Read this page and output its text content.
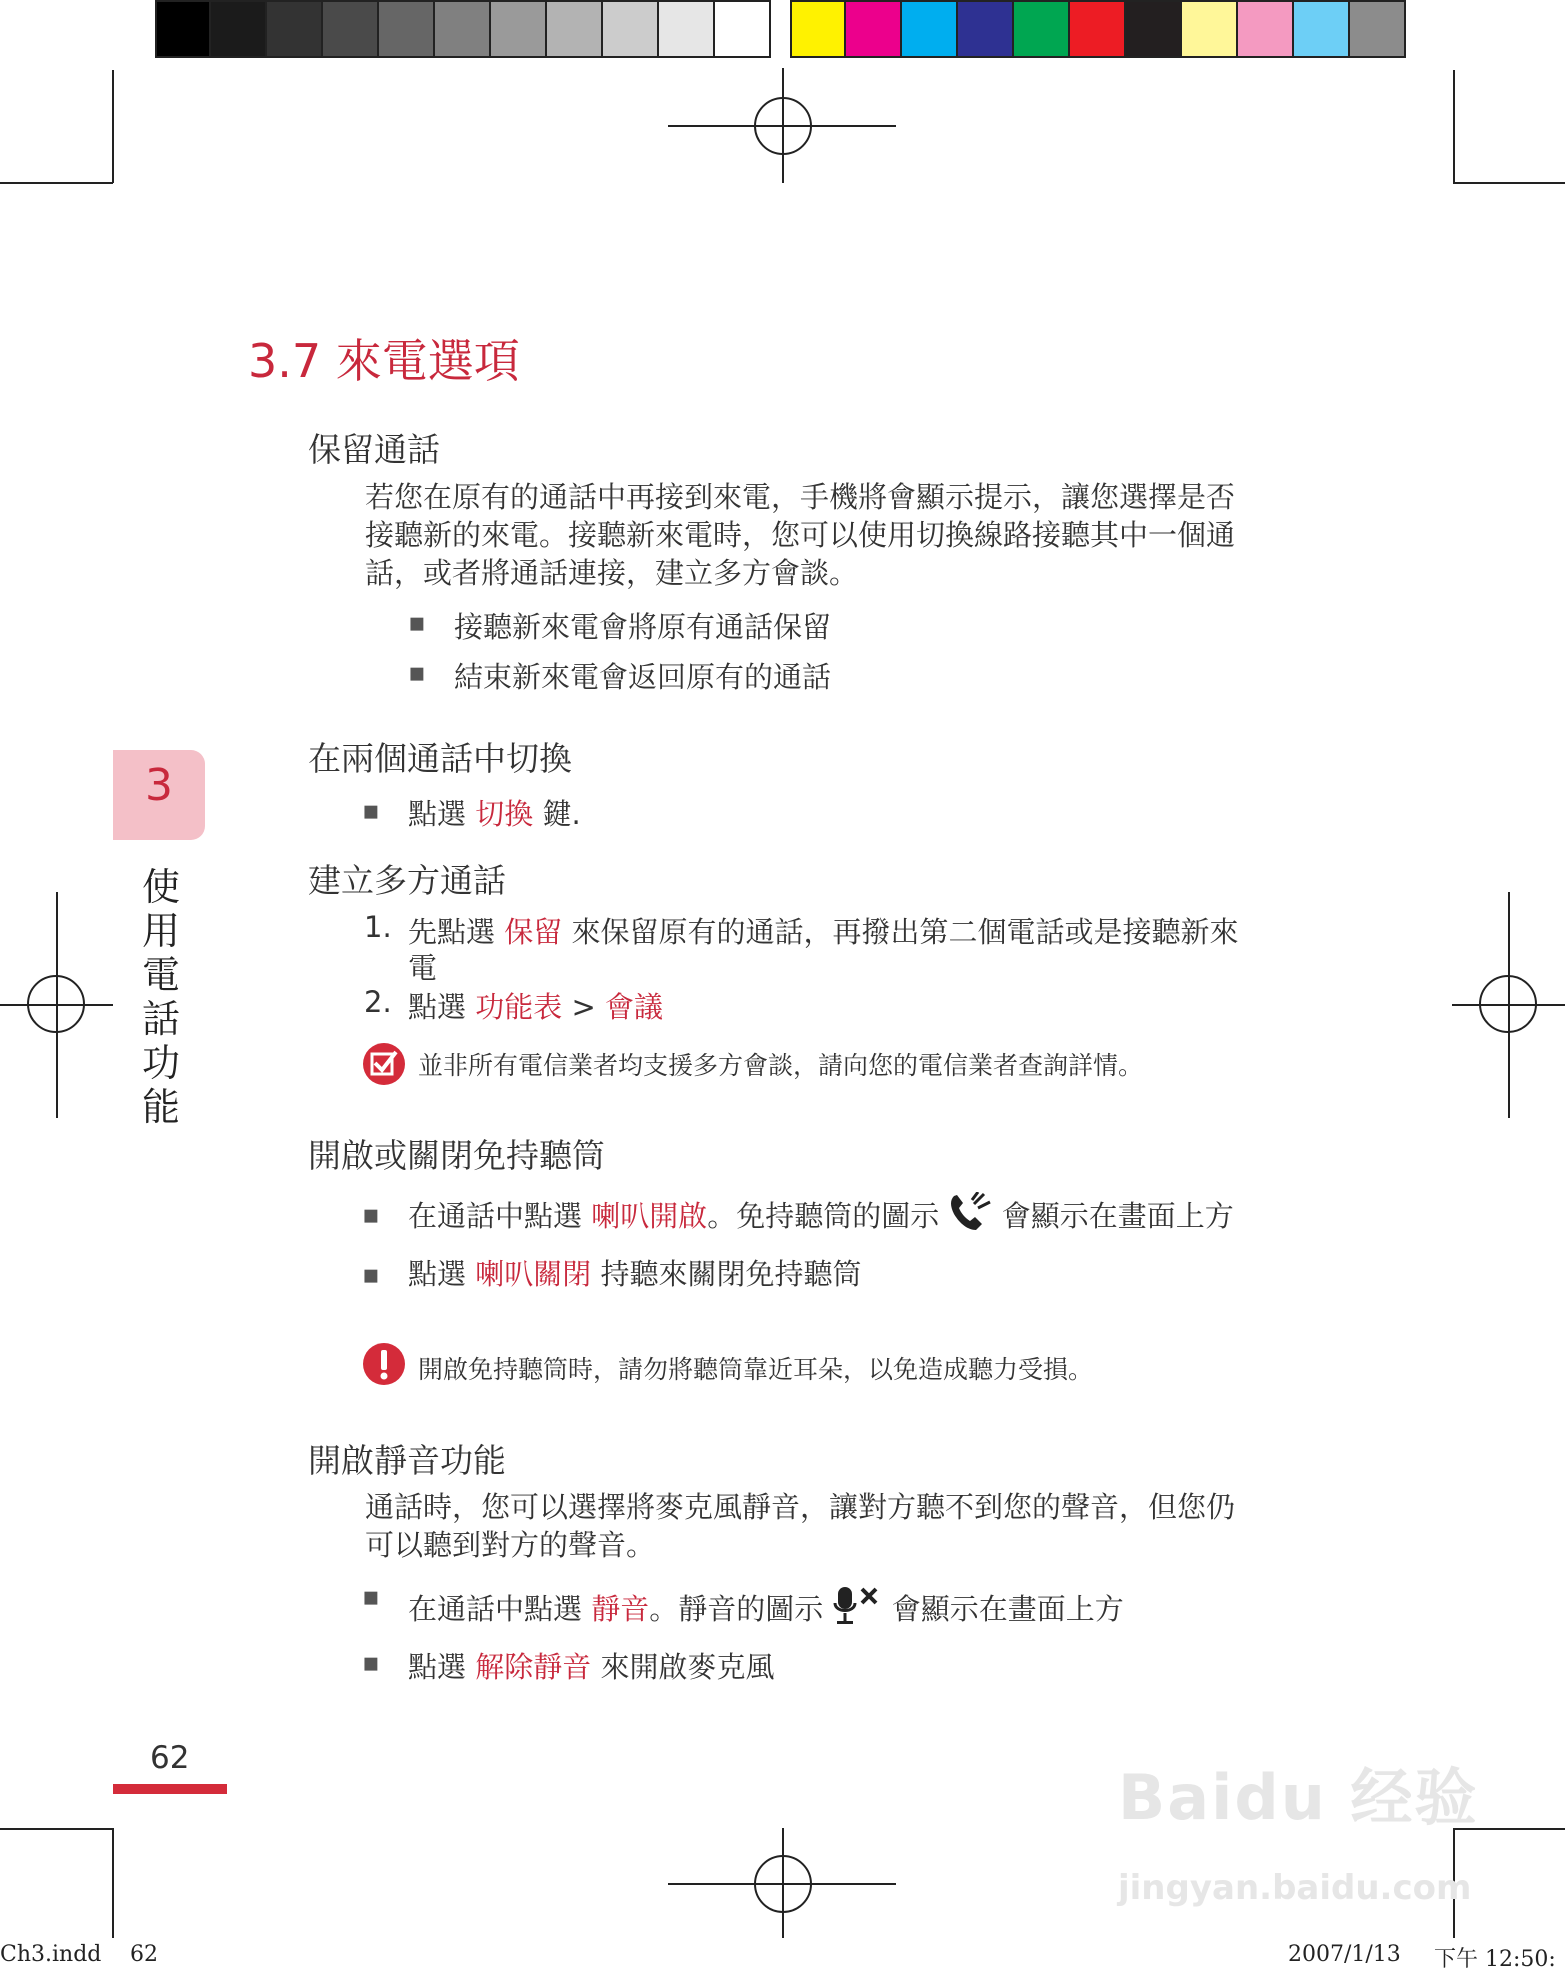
3.7 來電選項
保留通話
若您在原有的通話中再接到來電，手機將會顯示提示，讓您選擇是否
接聽新的來電。接聽新來電時，您可以使用切換線路接聽其中一個通
話，或者將通話連接，建立多方會談。
▪ 接聽新來電會將原有通話保留
▪ 結束新來電會返回原有的通話
3
使用電話功能
在兩個通話中切換
▪ 點選 切換 鍵.
建立多方通話
1. 先點選 保留 來保留原有的通話，再撥出第二個電話或是接聽新來
電
2. 點選 功能表 > 會議
並非所有電信業者均支援多方會談，請向您的電信業者查詢詳情。
開啟或關閉免持聽筒
▪ 在通話中點選 喇叭開啟。免持聽筒的圖示 會顯示在畫面上方
▪ 點選 喇叭關閉 持聽來關閉免持聽筒
開啟免持聽筒時，請勿將聽筒靠近耳朵，以免造成聽力受損。
開啟靜音功能
通話時，您可以選擇將麥克風靜音，讓對方聽不到您的聲音，但您仍
可以聽到對方的聲音。
▪ 在通話中點選 靜音。靜音的圖示 會顯示在畫面上方
▪ 點選 解除靜音 來開啟麥克風
62
Baidu 经验
jingyan.baidu.com
Ch3.indd 62	2007/1/13 下午 12:50:
